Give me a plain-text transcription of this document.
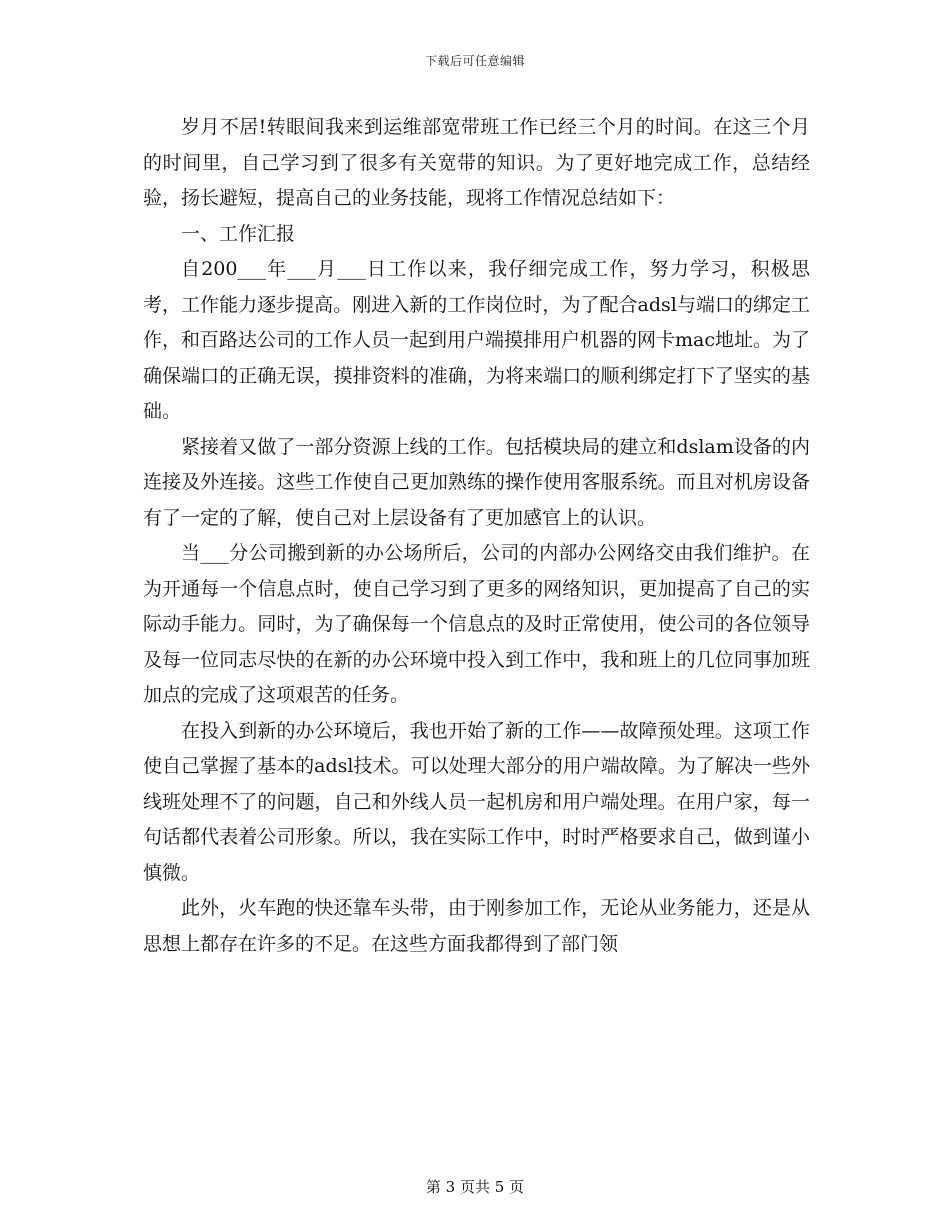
下载后可任意编辑

岁月不居!转眼间我来到运维部宽带班工作已经三个月的时间。在这三个月的时间里，自己学习到了很多有关宽带的知识。为了更好地完成工作，总结经验，扬长避短，提高自己的业务技能，现将工作情况总结如下：

一、工作汇报

自200___年___月___日工作以来，我仔细完成工作，努力学习，积极思考，工作能力逐步提高。刚进入新的工作岗位时，为了配合adsl与端口的绑定工作，和百路达公司的工作人员一起到用户端摸排用户机器的网卡mac地址。为了确保端口的正确无误，摸排资料的准确，为将来端口的顺利绑定打下了坚实的基础。

紧接着又做了一部分资源上线的工作。包括模块局的建立和dslam设备的内连接及外连接。这些工作使自己更加熟练的操作使用客服系统。而且对机房设备有了一定的了解，使自己对上层设备有了更加感官上的认识。

当___分公司搬到新的办公场所后，公司的内部办公网络交由我们维护。在为开通每一个信息点时，使自己学习到了更多的网络知识，更加提高了自己的实际动手能力。同时，为了确保每一个信息点的及时正常使用，使公司的各位领导及每一位同志尽快的在新的办公环境中投入到工作中，我和班上的几位同事加班加点的完成了这项艰苦的任务。

在投入到新的办公环境后，我也开始了新的工作——故障预处理。这项工作使自己掌握了基本的adsl技术。可以处理大部分的用户端故障。为了解决一些外线班处理不了的问题，自己和外线人员一起机房和用户端处理。在用户家，每一句话都代表着公司形象。所以，我在实际工作中，时时严格要求自己，做到谨小慎微。

此外，火车跑的快还靠车头带，由于刚参加工作，无论从业务能力，还是从思想上都存在许多的不足。在这些方面我都得到了部门领

第 3 页共 5 页
